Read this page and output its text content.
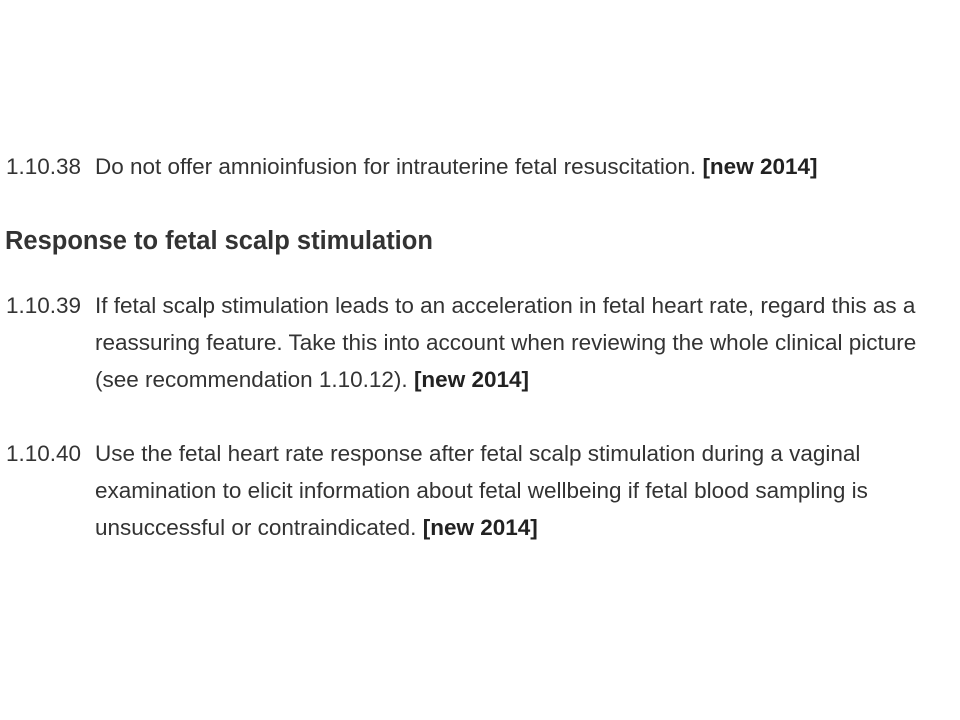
1.10.38 Do not offer amnioinfusion for intrauterine fetal resuscitation. [new 2014]
Response to fetal scalp stimulation
1.10.39 If fetal scalp stimulation leads to an acceleration in fetal heart rate, regard this as a reassuring feature. Take this into account when reviewing the whole clinical picture (see recommendation 1.10.12). [new 2014]
1.10.40 Use the fetal heart rate response after fetal scalp stimulation during a vaginal examination to elicit information about fetal wellbeing if fetal blood sampling is unsuccessful or contraindicated. [new 2014]
